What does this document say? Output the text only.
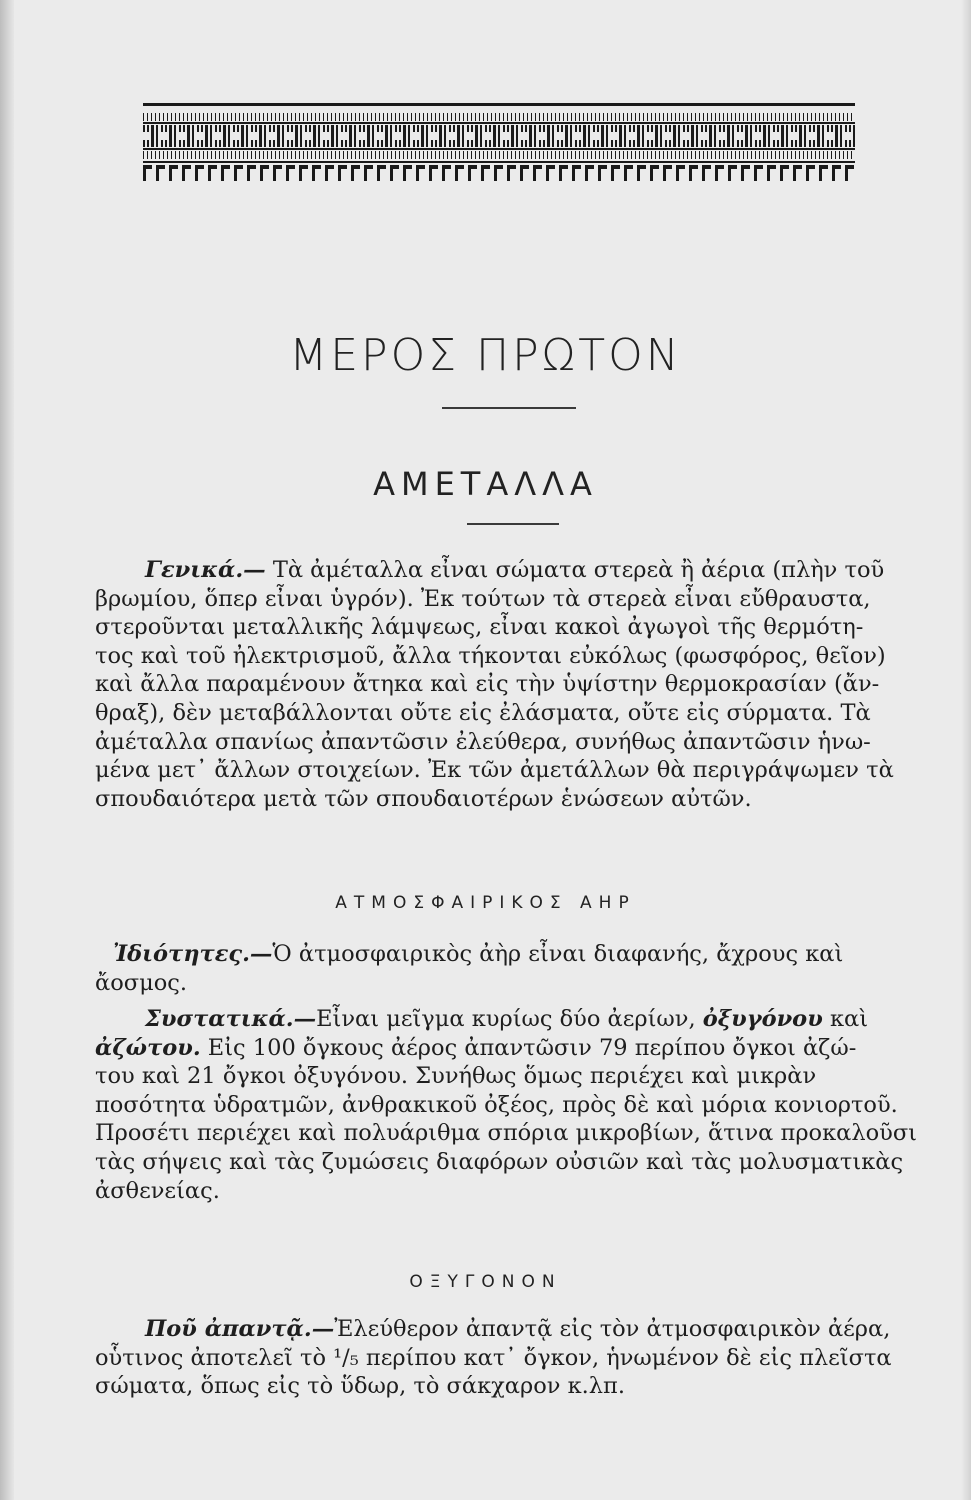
ΜΕΡΟΣ ΠΡΩΤΟΝ
ΑΜΕΤΑΛΛΑ
Γενικά.— Τὰ ἀμέταλλα εἶναι σώματα στερεὰ ἢ ἀέρια (πλὴν τοῦ
βρωμίου, ὅπερ εἶναι ὑγρόν). Ἐκ τούτων τὰ στερεὰ εἶναι εὔθραυστα,
στεροῦνται μεταλλικῆς λάμψεως, εἶναι κακοὶ ἀγωγοὶ τῆς θερμότη-
τος καὶ τοῦ ἠλεκτρισμοῦ, ἄλλα τήκονται εὐκόλως (φωσφόρος, θεῖον)
καὶ ἄλλα παραμένουν ἄτηκα καὶ εἰς τὴν ὑψίστην θερμοκρασίαν (ἄν-
θραξ), δὲν μεταβάλλονται οὔτε εἰς ἐλάσματα, οὔτε εἰς σύρματα. Τὰ
ἀμέταλλα σπανίως ἀπαντῶσιν ἐλεύθερα, συνήθως ἀπαντῶσιν ἡνω-
μένα μετ᾽ ἄλλων στοιχείων. Ἐκ τῶν ἀμετάλλων θὰ περιγράψωμεν τὰ
σπουδαιότερα μετὰ τῶν σπουδαιοτέρων ἑνώσεων αὐτῶν.
ΑΤΜΟΣΦΑΙΡΙΚΟΣ ΑΗΡ
Ἰδιότητες.—Ὁ ἀτμοσφαιρικὸς ἀὴρ εἶναι διαφανής, ἄχρους καὶ
ἄοσμος.
Συστατικά.—Εἶναι μεῖγμα κυρίως δύο ἀερίων, ὀξυγόνου καὶ
ἀζώτου. Εἰς 100 ὄγκους ἀέρος ἀπαντῶσιν 79 περίπου ὄγκοι ἀζώ-
του καὶ 21 ὄγκοι ὀξυγόνου. Συνήθως ὅμως περιέχει καὶ μικρὰν
ποσότητα ὑδρατμῶν, ἀνθρακικοῦ ὀξέος, πρὸς δὲ καὶ μόρια κονιορτοῦ.
Προσέτι περιέχει καὶ πολυάριθμα σπόρια μικροβίων, ἅτινα προκαλοῦσι
τὰς σήψεις καὶ τὰς ζυμώσεις διαφόρων οὐσιῶν καὶ τὰς μολυσματικὰς
ἀσθενείας.
ΟΞΥΓΟΝΟΝ
Ποῦ ἀπαντᾷ.—Ἐλεύθερον ἀπαντᾷ εἰς τὸν ἀτμοσφαιρικὸν ἀέρα,
οὗτινος ἀποτελεῖ τὸ ¹/₅ περίπου κατ᾽ ὄγκον, ἡνωμένον δὲ εἰς πλεῖστα
σώματα, ὅπως εἰς τὸ ὕδωρ, τὸ σάκχαρον κ.λπ.
